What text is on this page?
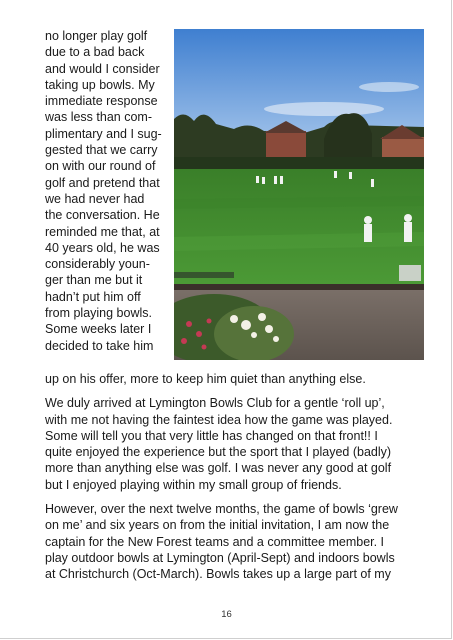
no longer play golf
due to a bad back
and would I consider
taking up bowls. My
immediate response
was less than com-
plimentary and I sug-
gested that we carry
on with our round of
golf and pretend that
we had never had
the conversation. He
reminded me that, at
40 years old, he was
considerably youn-
ger than me but it
hadn’t put him off
from playing bowls.
Some weeks later I
decided to take him
up on his offer, more to keep him quiet than anything else.
We duly arrived at Lymington Bowls Club for a gentle ‘roll up’,
with me not having the faintest idea how the game was played.
Some will tell you that very little has changed on that front!! I
quite enjoyed the experience but the sport that I played (badly)
more than anything else was golf. I was never any good at golf
but I enjoyed playing within my small group of friends.
However, over the next twelve months, the game of bowls ‘grew
on me’ and six years on from the initial invitation, I am now the
captain for the New Forest teams and a committee member. I
play outdoor bowls at Lymington (April-Sept) and indoors bowls
at Christchurch (Oct-March). Bowls takes up a large part of my
16
